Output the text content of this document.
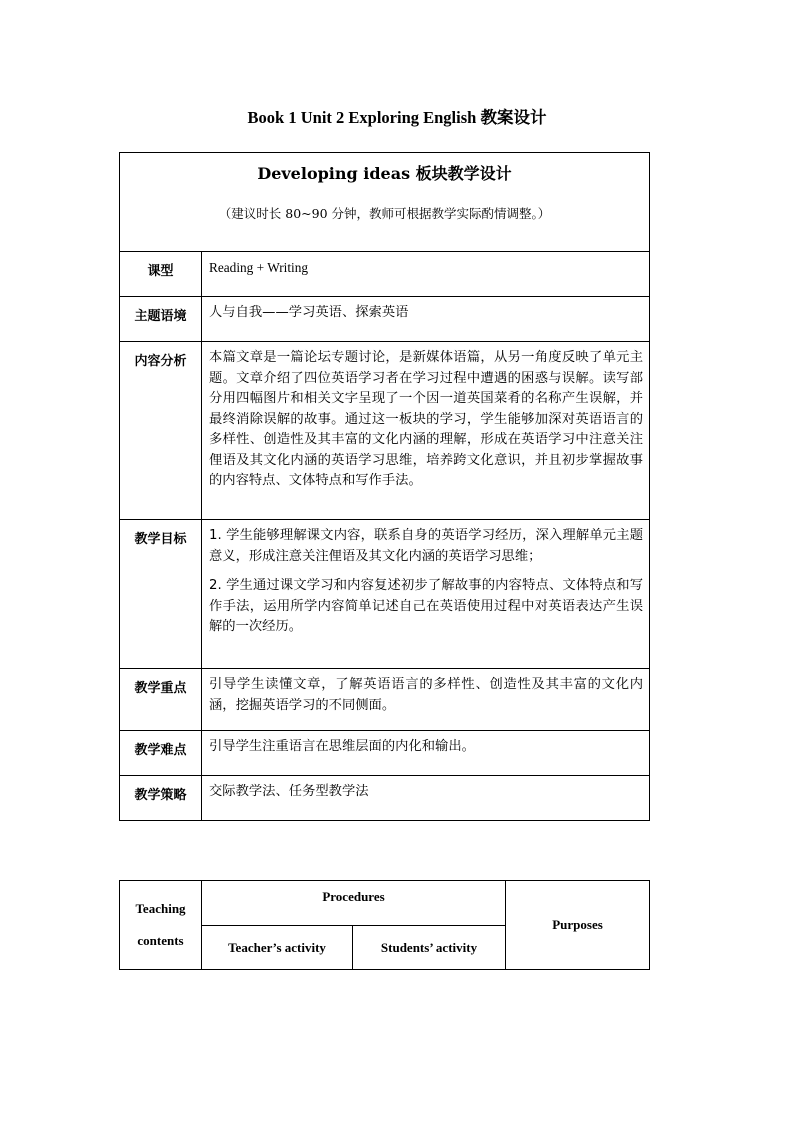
Book 1 Unit 2 Exploring English 教案设计
Developing ideas 板块教学设计
（建议时长 80~90 分钟，教师可根据教学实际酌情调整。）	

课型	Reading + Writing

主题语境	人与自我——学习英语、探索英语

内容分析	本篇文章是一篇论坛专题讨论，是新媒体语篇，从另一角度反映了单元主题。文章介绍了四位英语学习者在学习过程中遭遇的困惑与误解。读写部分用四幅图片和相关文字呈现了一个因一道英国菜肴的名称产生误解，并最终消除误解的故事。通过这一板块的学习，学生能够加深对英语语言的多样性、创造性及其丰富的文化内涵的理解，形成在英语学习中注意关注俚语及其文化内涵的英语学习思维，培养跨文化意识，并且初步掌握故事的内容特点、文体特点和写作手法。

教学目标	1. 学生能够理解课文内容，联系自身的英语学习经历，深入理解单元主题意义，形成注意关注俚语及其文化内涵的英语学习思维；

2. 学生通过课文学习和内容复述初步了解故事的内容特点、文体特点和写作手法，运用所学内容简单记述自己在英语使用过程中对英语表达产生误解的一次经历。

教学重点	引导学生读懂文章，了解英语语言的多样性、创造性及其丰富的文化内涵，挖掘英语学习的不同侧面。

教学难点	引导学生注重语言在思维层面的内化和输出。

教学策略	交际教学法、任务型教学法

Teaching
contents	Procedures		Purposes
	Teacher’s activity	Students’ activity	
